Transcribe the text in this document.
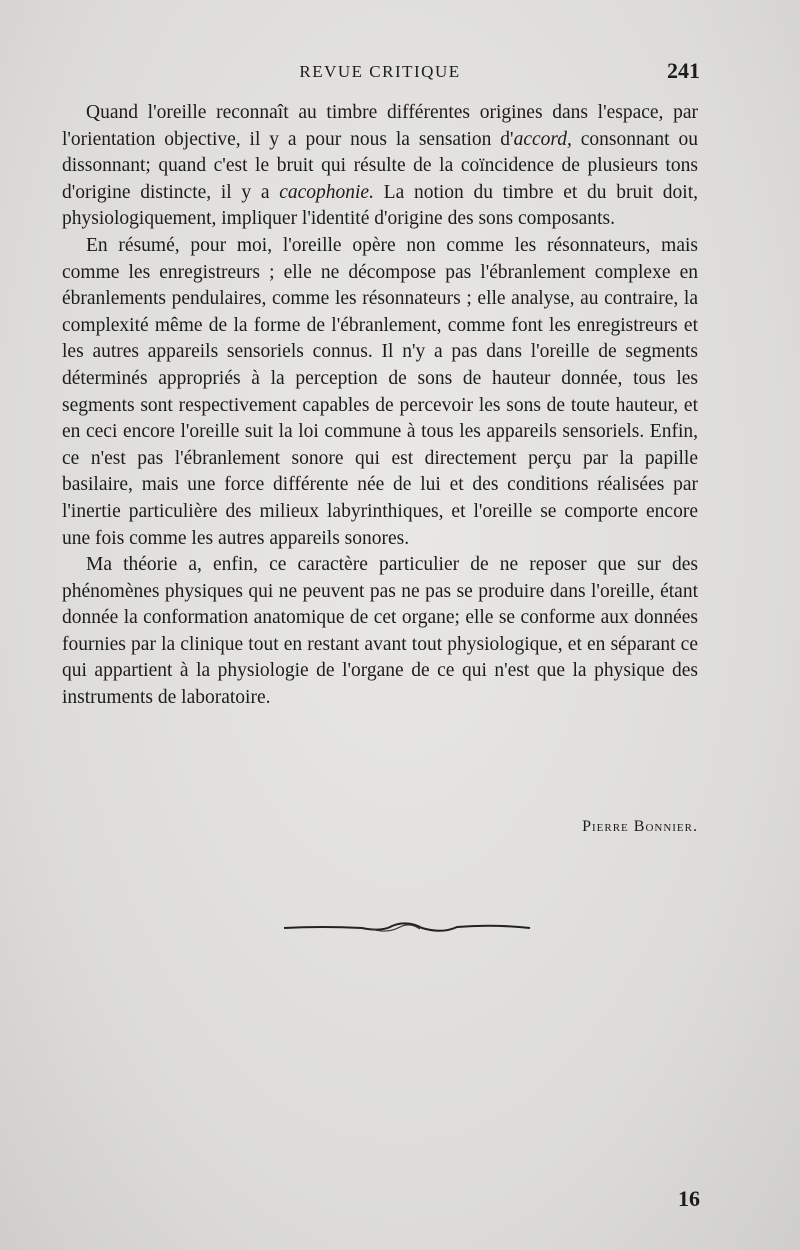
REVUE CRITIQUE	241

Quand l'oreille reconnaît au timbre différentes origines dans l'espace, par l'orientation objective, il y a pour nous la sensation d'accord, consonnant ou dissonnant; quand c'est le bruit qui résulte de la coïncidence de plusieurs tons d'origine distincte, il y a cacophonie. La notion du timbre et du bruit doit, physiologiquement, impliquer l'identité d'origine des sons composants.

En résumé, pour moi, l'oreille opère non comme les résonnateurs, mais comme les enregistreurs ; elle ne décompose pas l'ébranlement complexe en ébranlements pendulaires, comme les résonnateurs ; elle analyse, au contraire, la complexité même de la forme de l'ébranlement, comme font les enregistreurs et les autres appareils sensoriels connus. Il n'y a pas dans l'oreille de segments déterminés appropriés à la perception de sons de hauteur donnée, tous les segments sont respectivement capables de percevoir les sons de toute hauteur, et en ceci encore l'oreille suit la loi commune à tous les appareils sensoriels. Enfin, ce n'est pas l'ébranlement sonore qui est directement perçu par la papille basilaire, mais une force différente née de lui et des conditions réalisées par l'inertie particulière des milieux labyrinthiques, et l'oreille se comporte encore une fois comme les autres appareils sonores.

Ma théorie a, enfin, ce caractère particulier de ne reposer que sur des phénomènes physiques qui ne peuvent pas ne pas se produire dans l'oreille, étant donnée la conformation anatomique de cet organe; elle se conforme aux données fournies par la clinique tout en restant avant tout physiologique, et en séparant ce qui appartient à la physiologie de l'organe de ce qui n'est que la physique des instruments de laboratoire.

Pierre Bonnier.
16
